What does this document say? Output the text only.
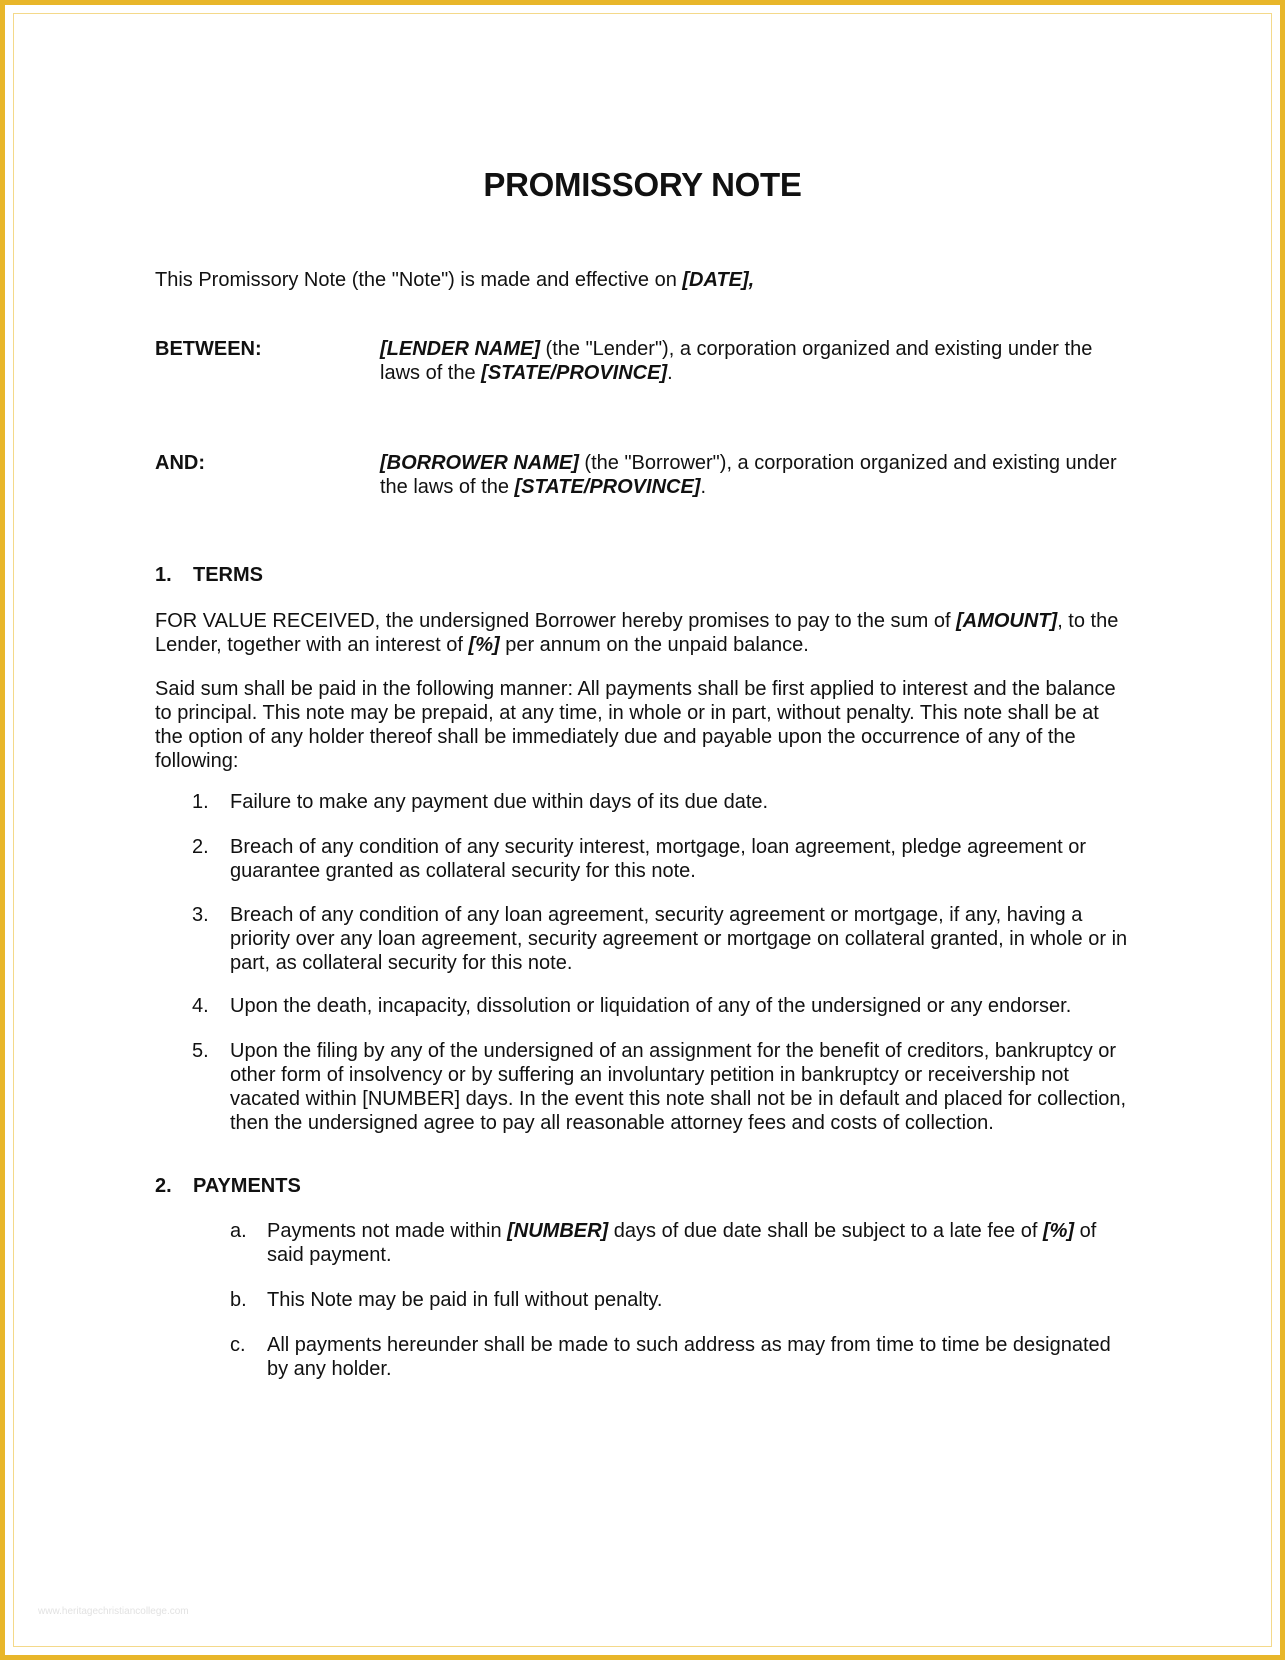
PROMISSORY NOTE
This Promissory Note (the "Note") is made and effective on [DATE],
BETWEEN:	[LENDER NAME] (the "Lender"), a corporation organized and existing under the laws of the [STATE/PROVINCE].
AND:	[BORROWER NAME] (the "Borrower"), a corporation organized and existing under the laws of the [STATE/PROVINCE].
1. TERMS
FOR VALUE RECEIVED, the undersigned Borrower hereby promises to pay to the sum of [AMOUNT], to the Lender, together with an interest of [%] per annum on the unpaid balance.
Said sum shall be paid in the following manner: All payments shall be first applied to interest and the balance to principal. This note may be prepaid, at any time, in whole or in part, without penalty. This note shall be at the option of any holder thereof shall be immediately due and payable upon the occurrence of any of the following:
1. Failure to make any payment due within days of its due date.
2. Breach of any condition of any security interest, mortgage, loan agreement, pledge agreement or guarantee granted as collateral security for this note.
3. Breach of any condition of any loan agreement, security agreement or mortgage, if any, having a priority over any loan agreement, security agreement or mortgage on collateral granted, in whole or in part, as collateral security for this note.
4. Upon the death, incapacity, dissolution or liquidation of any of the undersigned or any endorser.
5. Upon the filing by any of the undersigned of an assignment for the benefit of creditors, bankruptcy or other form of insolvency or by suffering an involuntary petition in bankruptcy or receivership not vacated within [NUMBER] days. In the event this note shall not be in default and placed for collection, then the undersigned agree to pay all reasonable attorney fees and costs of collection.
2. PAYMENTS
a. Payments not made within [NUMBER] days of due date shall be subject to a late fee of [%] of said payment.
b. This Note may be paid in full without penalty.
c. All payments hereunder shall be made to such address as may from time to time be designated by any holder.
www.heritagechristiancollege.com
